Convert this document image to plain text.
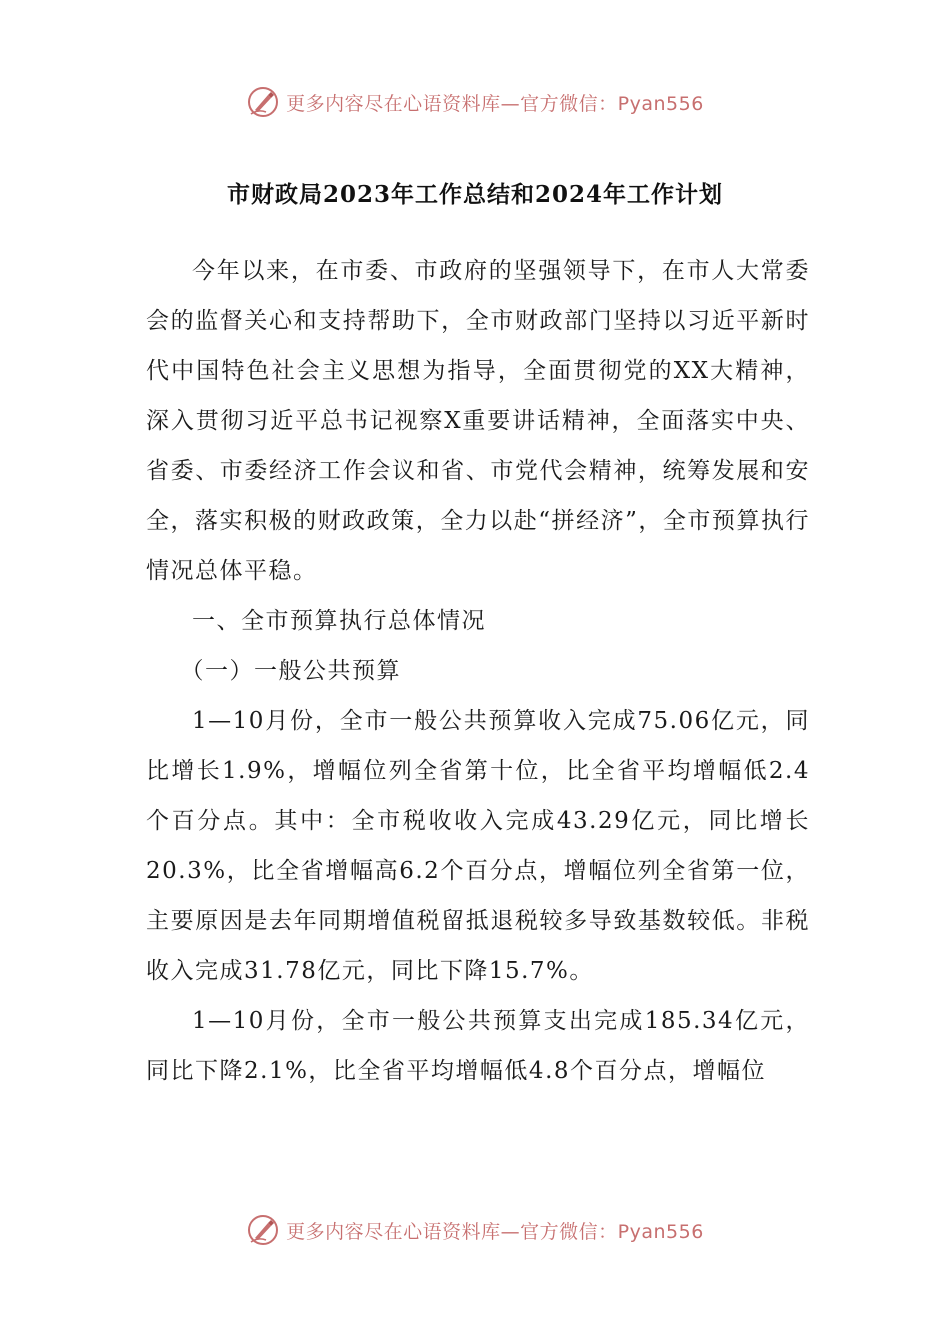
更多内容尽在心语资料库—官方微信：Pyan556
市财政局2023年工作总结和2024年工作计划

今年以来，在市委、市政府的坚强领导下，在市人大常委会的监督关心和支持帮助下，全市财政部门坚持以习近平新时代中国特色社会主义思想为指导，全面贯彻党的XX大精神，深入贯彻习近平总书记视察X重要讲话精神，全面落实中央、省委、市委经济工作会议和省、市党代会精神，统筹发展和安全，落实积极的财政政策，全力以赴“拼经济”，全市预算执行情况总体平稳。

一、全市预算执行总体情况

（一）一般公共预算

1—10月份，全市一般公共预算收入完成75.06亿元，同比增长1.9%，增幅位列全省第十位，比全省平均增幅低2.4个百分点。其中：全市税收收入完成43.29亿元，同比增长20.3%，比全省增幅高6.2个百分点，增幅位列全省第一位，主要原因是去年同期增值税留抵退税较多导致基数较低。非税收入完成31.78亿元，同比下降15.7%。

1—10月份，全市一般公共预算支出完成185.34亿元，同比下降2.1%，比全省平均增幅低4.8个百分点，增幅位

更多内容尽在心语资料库—官方微信：Pyan556
